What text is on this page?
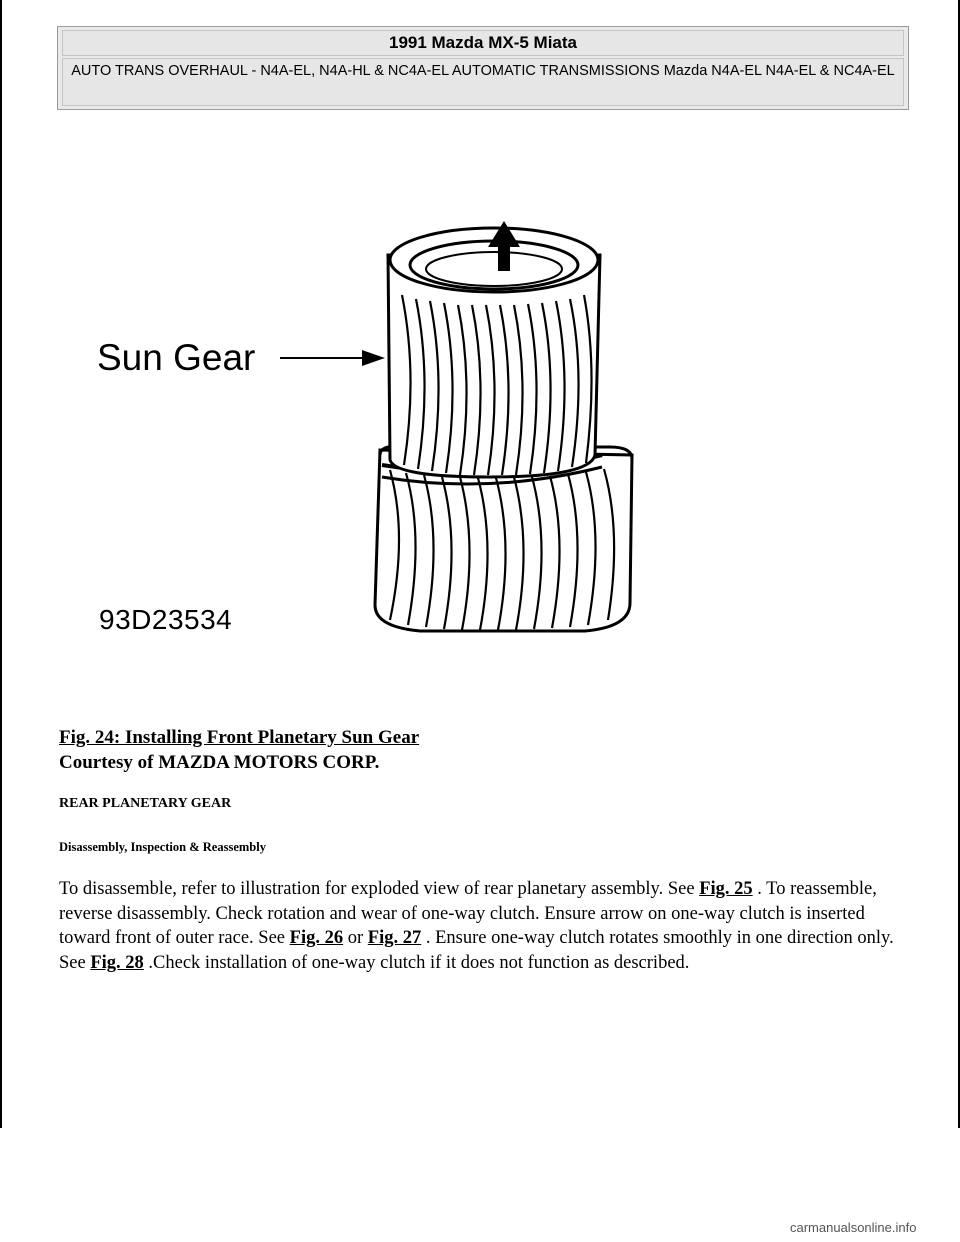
1991 Mazda MX-5 Miata
AUTO TRANS OVERHAUL - N4A-EL, N4A-HL & NC4A-EL AUTOMATIC TRANSMISSIONS Mazda N4A-EL N4A-EL & NC4A-EL
Sun Gear
93D23534
Fig. 24: Installing Front Planetary Sun Gear
Courtesy of MAZDA MOTORS CORP.
REAR PLANETARY GEAR
Disassembly, Inspection & Reassembly
To disassemble, refer to illustration for exploded view of rear planetary assembly. See Fig. 25 . To reassemble, reverse disassembly. Check rotation and wear of one-way clutch. Ensure arrow on one-way clutch is inserted toward front of outer race. See Fig. 26 or Fig. 27 . Ensure one-way clutch rotates smoothly in one direction only. See Fig. 28 .Check installation of one-way clutch if it does not function as described.
carmanualsonline.info
